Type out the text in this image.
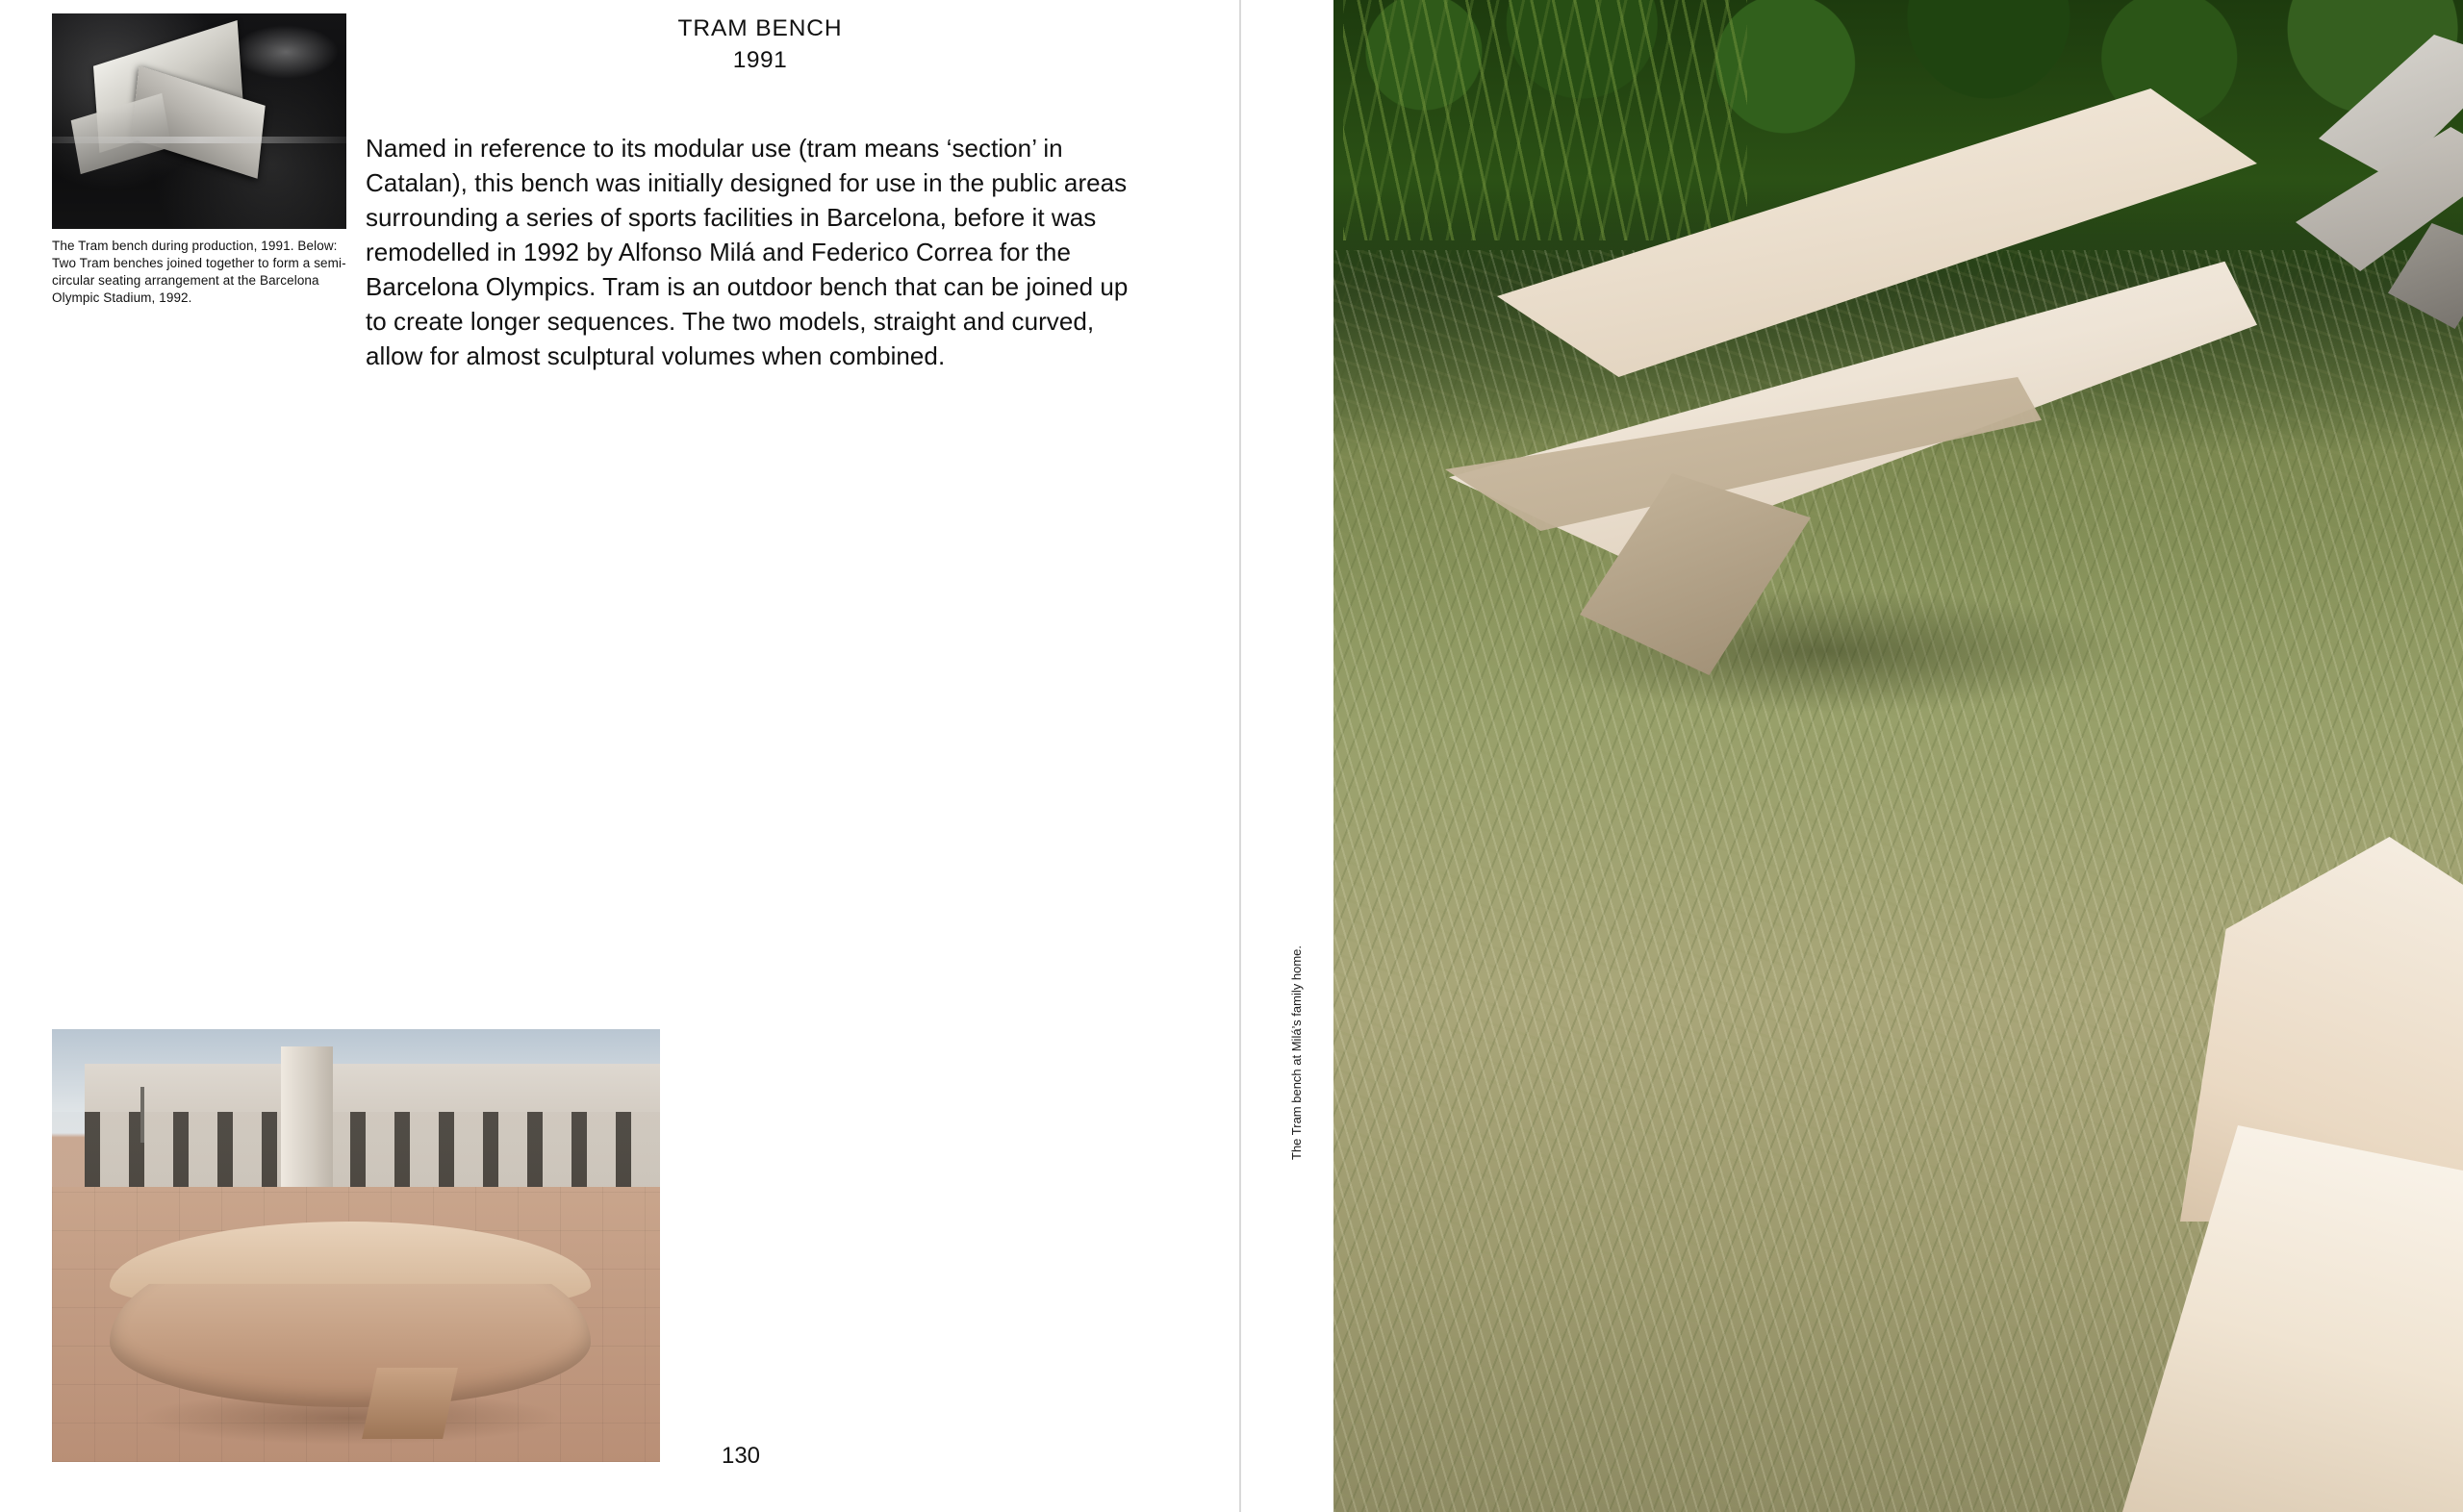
The Tram bench during production, 1991. Below: Two Tram benches joined together to form a semi-circular seating arrangement at the Barcelona Olympic Stadium, 1992.
TRAM BENCH
1991
Named in reference to its modular use (tram means ‘section’ in Catalan), this bench was initially designed for use in the public areas surrounding a series of sports facilities in Barcelona, before it was remodelled in 1992 by Alfonso Milá and Federico Correa for the Barcelona Olympics. Tram is an outdoor bench that can be joined up to create longer sequences. The two models, straight and curved, allow for almost sculptural volumes when combined.
130
The Tram bench at Milá’s family home.
